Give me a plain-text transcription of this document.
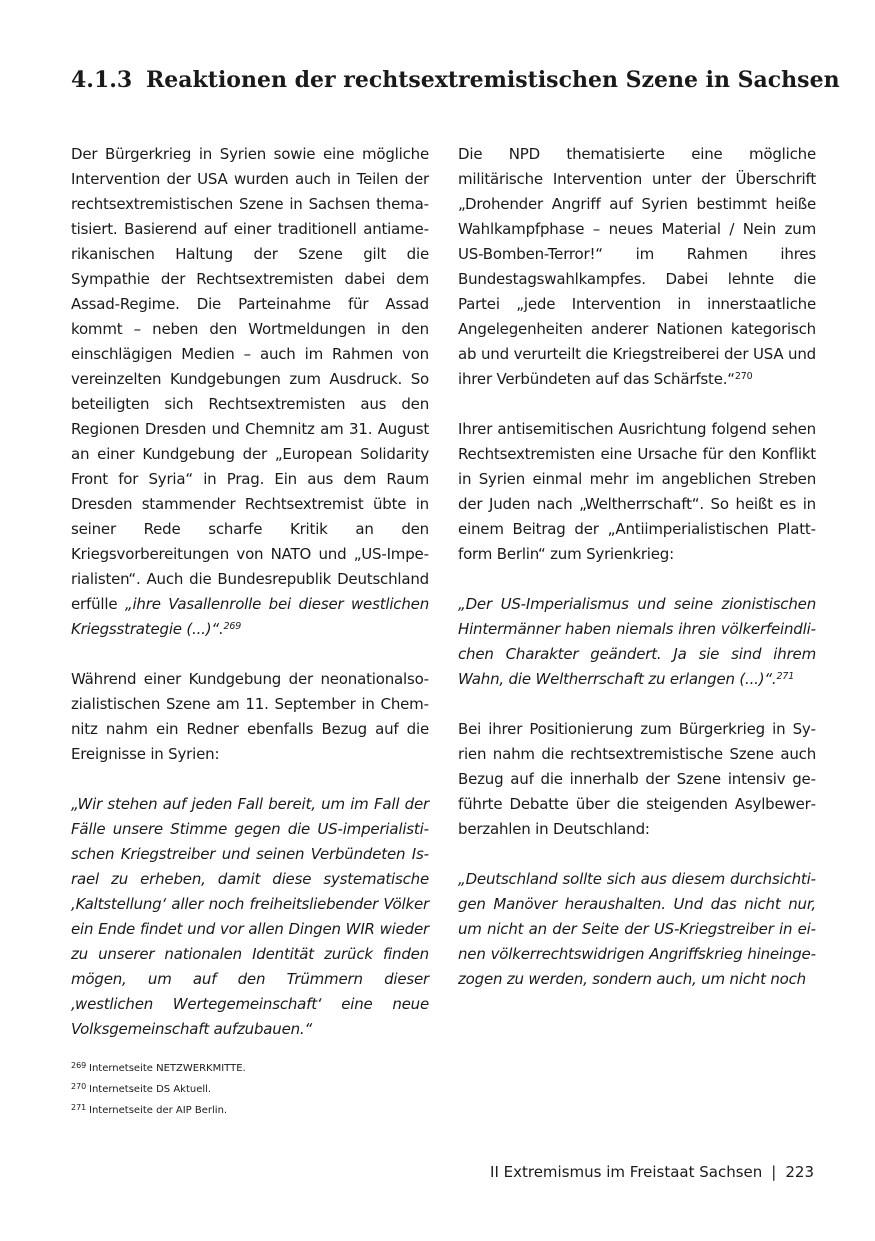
4.1.3 Reaktionen der rechtsextremistischen Szene in Sachsen

Der Bürgerkrieg in Syrien sowie eine mögliche Intervention der USA wurden auch in Teilen der rechtsextremistischen Szene in Sachsen thematisiert. Basierend auf einer traditionell antiamerikanischen Haltung der Szene gilt die Sympathie der Rechtsextremisten dabei dem Assad-Regime. Die Parteinahme für Assad kommt – neben den Wortmeldungen in den einschlägigen Medien – auch im Rahmen von vereinzelten Kundgebungen zum Ausdruck. So beteiligten sich Rechtsextremisten aus den Regionen Dresden und Chemnitz am 31. August an einer Kundgebung der „European Solidarity Front for Syria“ in Prag. Ein aus dem Raum Dresden stammender Rechtsextremist übte in seiner Rede scharfe Kritik an den Kriegsvorbereitungen von NATO und „US-Imperialisten“. Auch die Bundesrepublik Deutschland erfülle „ihre Vasallenrolle bei dieser westlichen Kriegsstrategie (...)“.$^{269}$

Während einer Kundgebung der neonationalsozialistischen Szene am 11. September in Chemnitz nahm ein Redner ebenfalls Bezug auf die Ereignisse in Syrien:

„Wir stehen auf jeden Fall bereit, um im Fall der Fälle unsere Stimme gegen die US-imperialistischen Kriegstreiber und seinen Verbündeten Israel zu erheben, damit diese systematische ‚Kaltstellung‘ aller noch freiheitsliebender Völker ein Ende findet und vor allen Dingen WIR wieder zu unserer nationalen Identität zurück finden mögen, um auf den Trümmern dieser ‚westlichen Wertegemeinschaft‘ eine neue Volksgemeinschaft aufzubauen.“

Die NPD thematisierte eine mögliche militärische Intervention unter der Überschrift „Drohender Angriff auf Syrien bestimmt heiße Wahlkampfphase – neues Material / Nein zum US-Bomben-Terror!“ im Rahmen ihres Bundestagswahlkampfes. Dabei lehnte die Partei „jede Intervention in innerstaatliche Angelegenheiten anderer Nationen kategorisch ab und verurteilt die Kriegstreiberei der USA und ihrer Verbündeten auf das Schärfste.“$^{270}$

Ihrer antisemitischen Ausrichtung folgend sehen Rechtsextremisten eine Ursache für den Konflikt in Syrien einmal mehr im angeblichen Streben der Juden nach „Weltherrschaft“. So heißt es in einem Beitrag der „Antiimperialistischen Plattform Berlin“ zum Syrienkrieg:

„Der US-Imperialismus und seine zionistischen Hintermänner haben niemals ihren völkerfeindlichen Charakter geändert. Ja sie sind ihrem Wahn, die Weltherrschaft zu erlangen (...)“.$^{271}$

Bei ihrer Positionierung zum Bürgerkrieg in Syrien nahm die rechtsextremistische Szene auch Bezug auf die innerhalb der Szene intensiv geführte Debatte über die steigenden Asylbewerberzahlen in Deutschland:

„Deutschland sollte sich aus diesem durchsichtigen Manöver heraushalten. Und das nicht nur, um nicht an der Seite der US-Kriegstreiber in einen völkerrechtswidrigen Angriffskrieg hineingezogen zu werden, sondern auch, um nicht noch

269 Internetseite NETZWERKMITTE.
270 Internetseite DS Aktuell.
271 Internetseite der AIP Berlin.
II Extremismus im Freistaat Sachsen | 223
